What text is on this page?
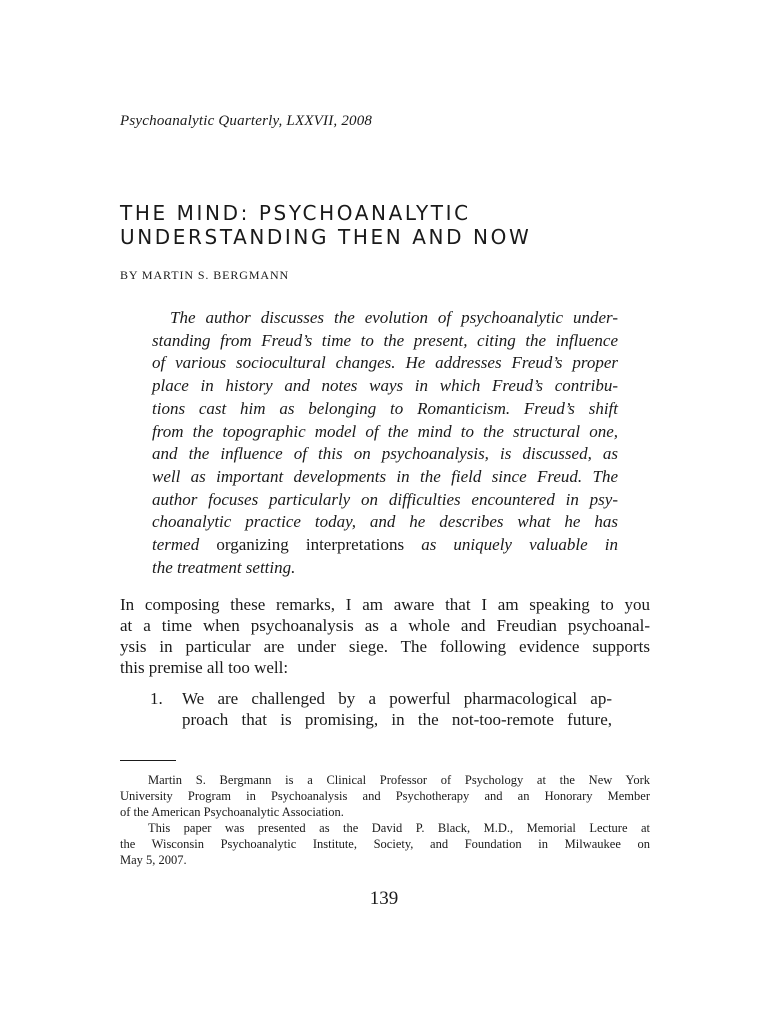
Psychoanalytic Quarterly, LXXVII, 2008
THE MIND: PSYCHOANALYTIC
UNDERSTANDING THEN AND NOW
BY MARTIN S. BERGMANN
The author discusses the evolution of psychoanalytic under-
standing from Freud’s time to the present, citing the influence
of various sociocultural changes. He addresses Freud’s proper
place in history and notes ways in which Freud’s contribu-
tions cast him as belonging to Romanticism. Freud’s shift
from the topographic model of the mind to the structural one,
and the influence of this on psychoanalysis, is discussed, as
well as important developments in the field since Freud. The
author focuses particularly on difficulties encountered in psy-
choanalytic practice today, and he describes what he has
termed organizing interpretations as uniquely valuable in
the treatment setting.
In composing these remarks, I am aware that I am speaking to you
at a time when psychoanalysis as a whole and Freudian psychoanal-
ysis in particular are under siege. The following evidence supports
this premise all too well:
1. We are challenged by a powerful pharmacological ap-
proach that is promising, in the not-too-remote future,
Martin S. Bergmann is a Clinical Professor of Psychology at the New York
University Program in Psychoanalysis and Psychotherapy and an Honorary Member
of the American Psychoanalytic Association.
This paper was presented as the David P. Black, M.D., Memorial Lecture at
the Wisconsin Psychoanalytic Institute, Society, and Foundation in Milwaukee on
May 5, 2007.
139
